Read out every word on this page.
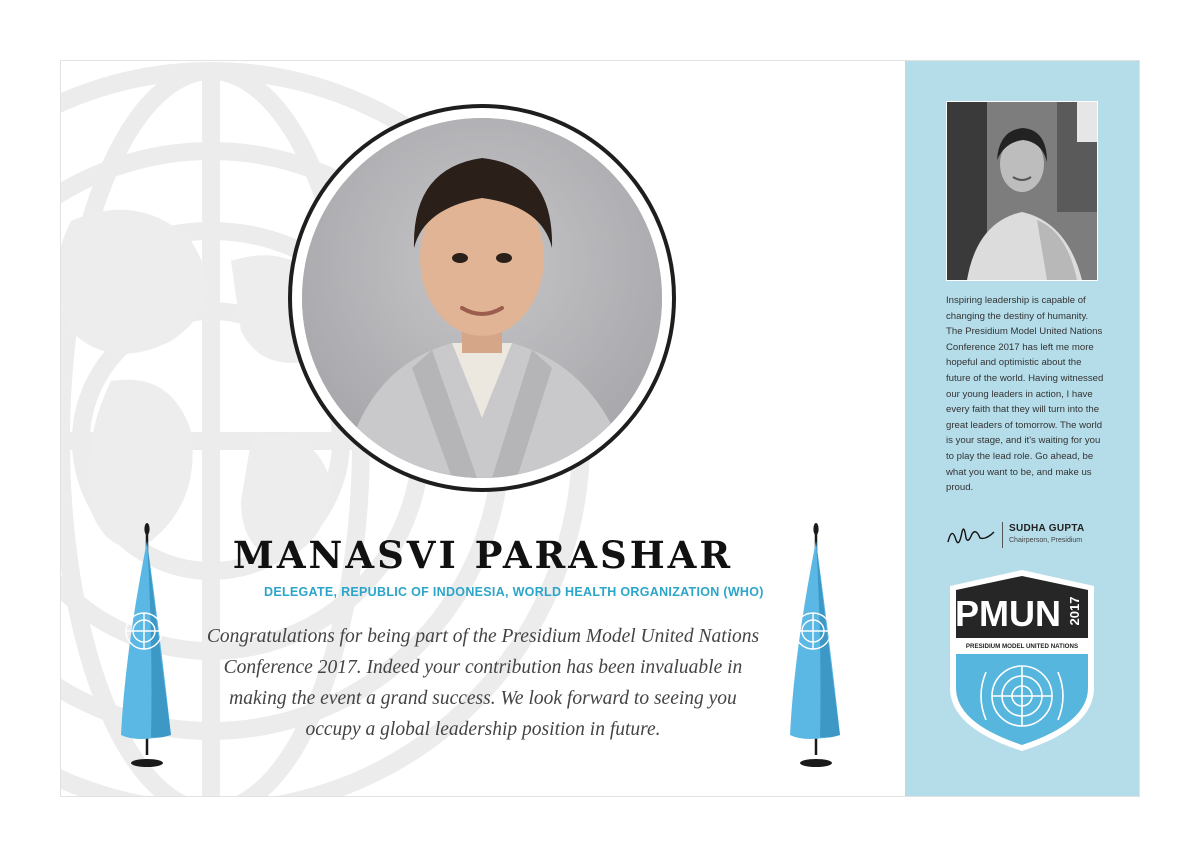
MANASVI PARASHAR

DELEGATE, REPUBLIC OF INDONESIA, WORLD HEALTH ORGANIZATION (WHO)

Congratulations for being part of the Presidium Model United Nations Conference 2017. Indeed your contribution has been invaluable in making the event a grand success. We look forward to seeing you occupy a global leadership position in future.

Inspiring leadership is capable of changing the destiny of humanity. The Presidium Model United Nations Conference 2017 has left me more hopeful and optimistic about the future of the world. Having witnessed our young leaders in action, I have every faith that they will turn into the great leaders of tomorrow. The world is your stage, and it's waiting for you to play the lead role. Go ahead, be what you want to be, and make us proud.

SUDHA GUPTA

Chairperson, Presidium

PMUN 2017
PRESIDIUM MODEL UNITED NATIONS
